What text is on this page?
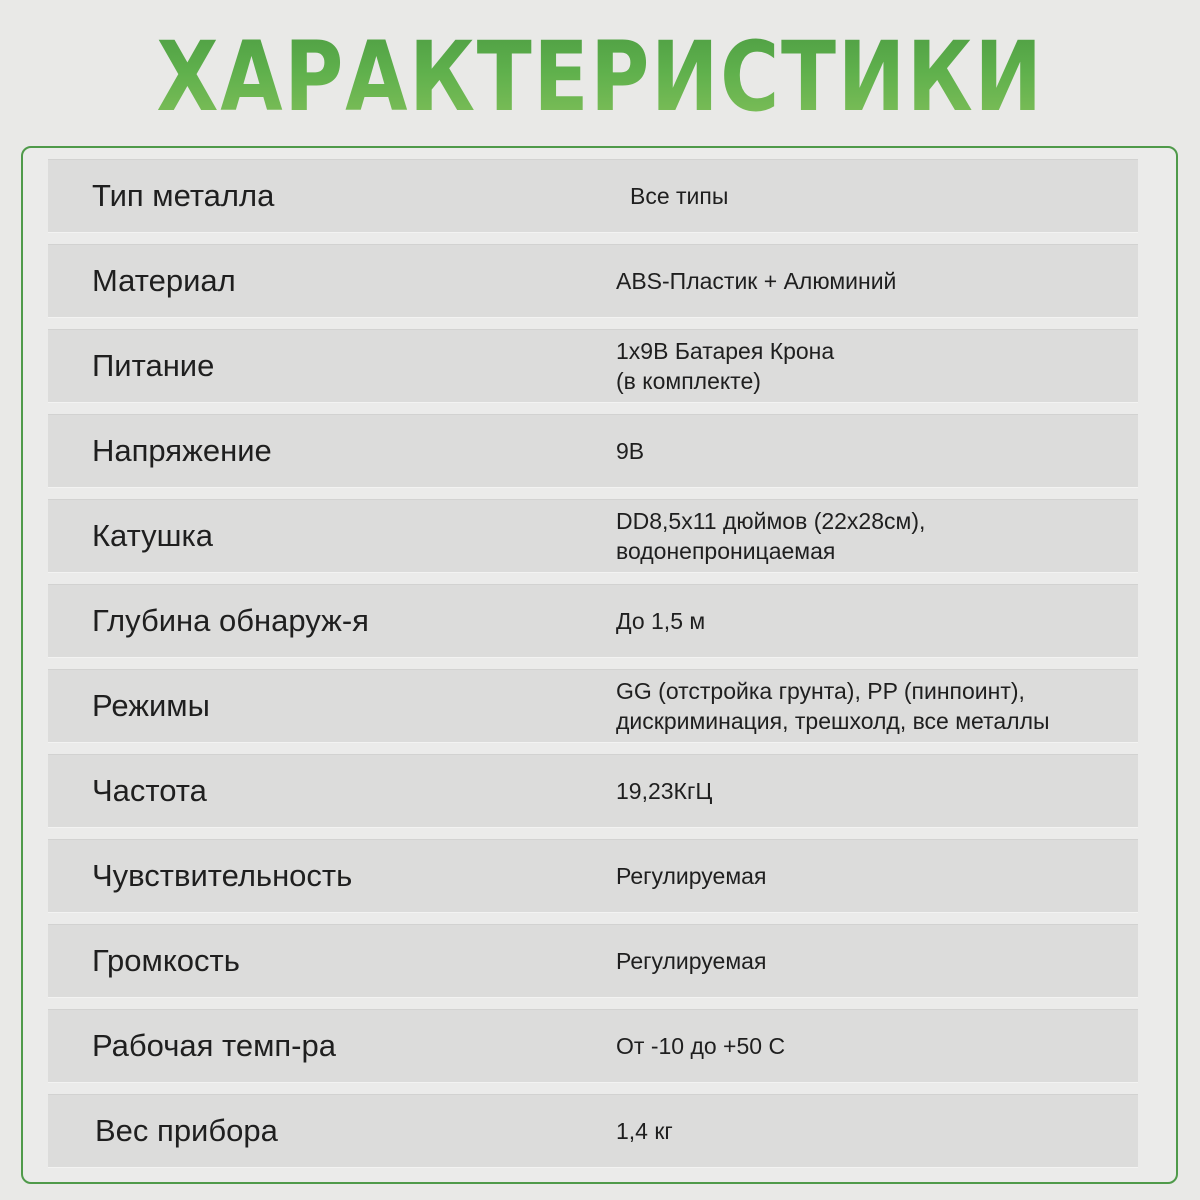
ХАРАКТЕРИСТИКИ
Тип металла	Все типы
Материал	ABS-Пластик + Алюминий
Питание	1x9В Батарея Крона
(в комплекте)
Напряжение	9В
Катушка	DD8,5x11 дюймов (22x28см),
водонепроницаемая
Глубина обнаруж-я	До 1,5 м
Режимы	GG (отстройка грунта), PP (пинпоинт),
дискриминация, трешхолд, все металлы
Частота	19,23КгЦ
Чувствительность	Регулируемая
Громкость	Регулируемая
Рабочая темп-ра	От -10 до +50 С
Вес прибора	1,4 кг
